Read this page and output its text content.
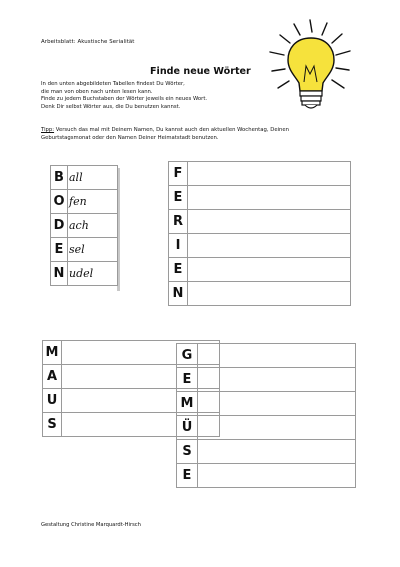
Arbeitsblatt: Akustische Serialität
Finde neue Wörter
In den unten abgebildeten Tabellen findest Du Wörter,
die man von oben nach unten lesen kann.
Finde zu jedem Buchstaben der Wörter jeweils ein neues Wort.
Denk Dir selbst Wörter aus, die Du benutzen kannst.
Tipp: Versuch das mal mit Deinem Namen, Du kannst auch den aktuellen Wochentag, Deinen Geburtstagsmonat oder den Namen Deiner Heimatstadt benutzen.
B	all
O	fen
D	ach
E	sel
N	udel
F	
E	
R	
I	
E	
N	
M	
A	
U	
S	
G	
E	
M	
Ü	
S	
E	
Gestaltung Christine Marquardt-Hirsch
